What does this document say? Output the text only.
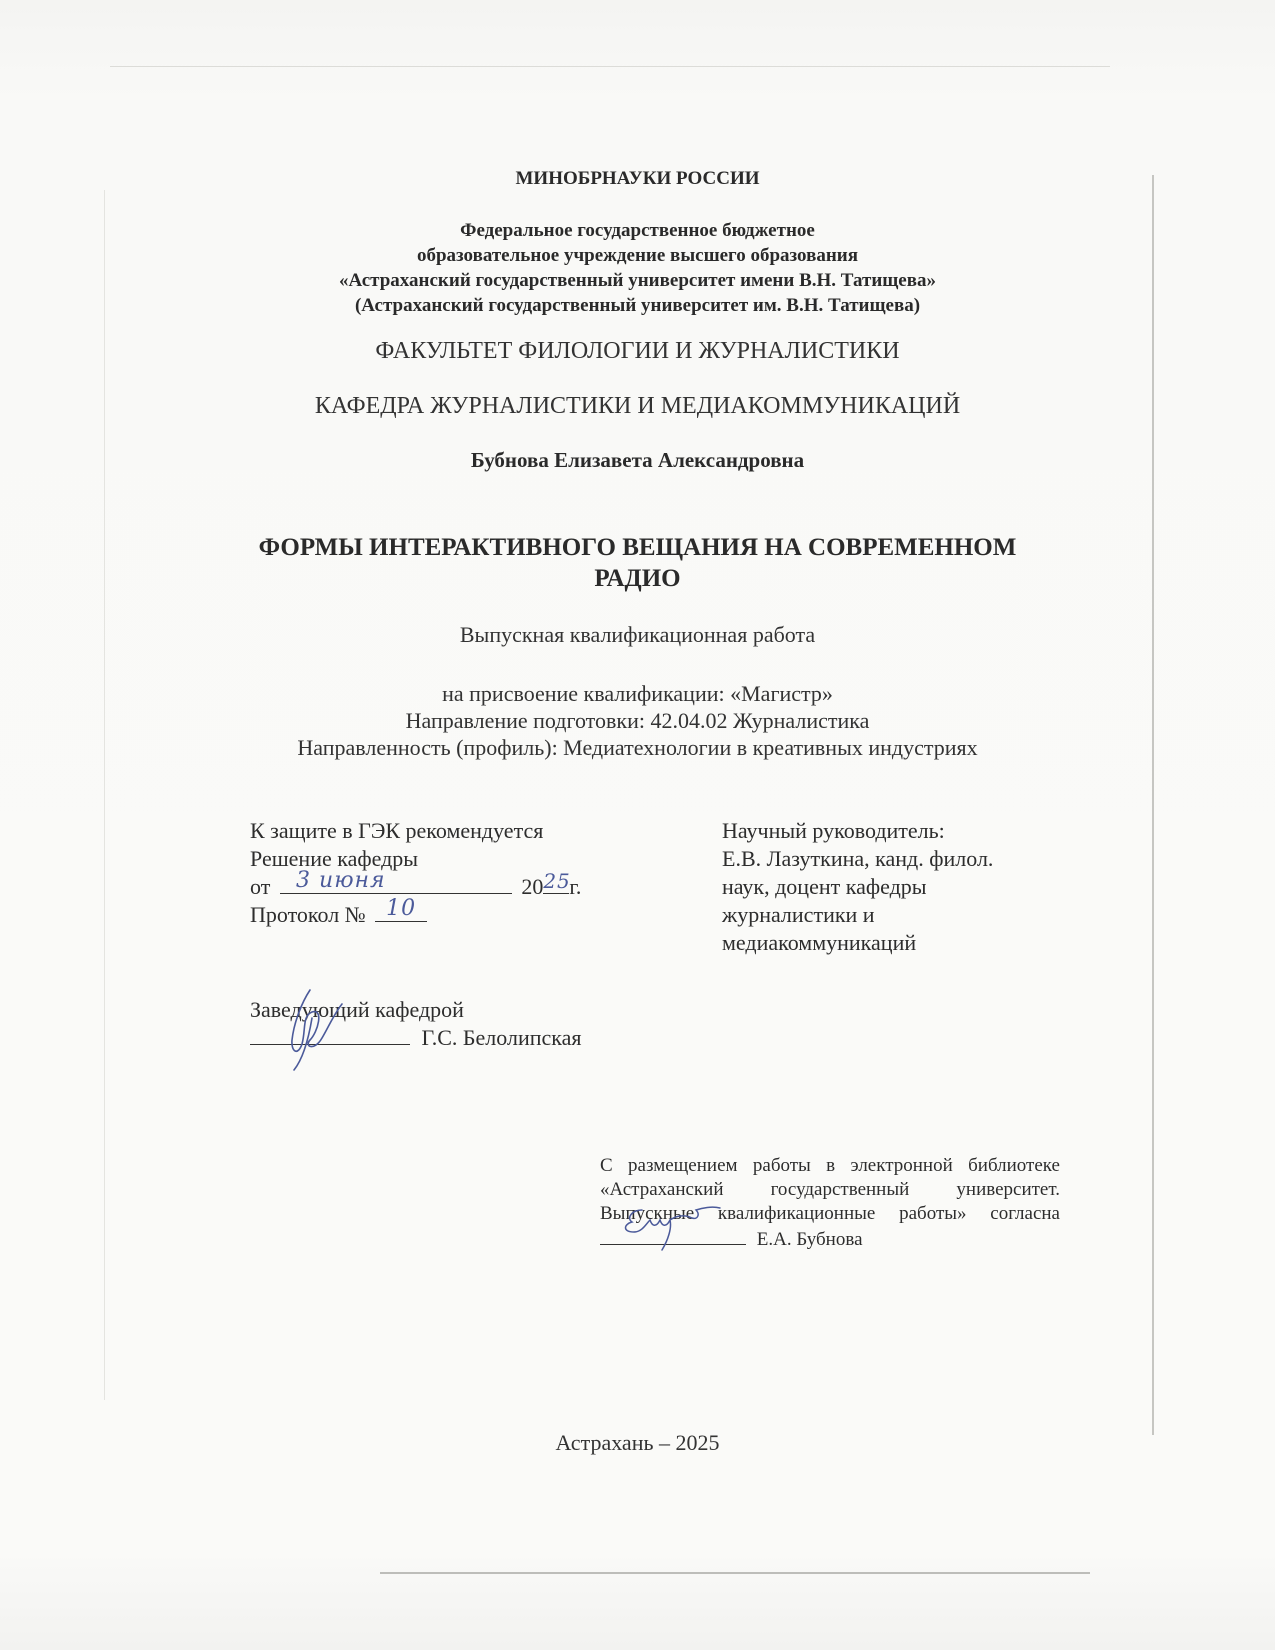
МИНОБРНАУКИ РОССИИ
Федеральное государственное бюджетное
образовательное учреждение высшего образования
«Астраханский государственный университет имени В.Н. Татищева»
(Астраханский государственный университет им. В.Н. Татищева)
ФАКУЛЬТЕТ ФИЛОЛОГИИ И ЖУРНАЛИСТИКИ
КАФЕДРА ЖУРНАЛИСТИКИ И МЕДИАКОММУНИКАЦИЙ
Бубнова Елизавета Александровна
ФОРМЫ ИНТЕРАКТИВНОГО ВЕЩАНИЯ НА СОВРЕМЕННОМ
РАДИО
Выпускная квалификационная работа
на присвоение квалификации: «Магистр»
Направление подготовки: 42.04.02 Журналистика
Направленность (профиль): Медиатехнологии в креативных индустриях
К защите в ГЭК рекомендуется
Решение кафедры
от	3 июня	20 25
г.
Протокол № 10
Научный руководитель:
Е.В. Лазуткина, канд. филол.
наук, доцент кафедры
журналистики и
медиакоммуникаций
Заведующий кафедрой
Г.С. Белолипская
С размещением работы в электронной библиотеке
«Астраханский государственный университет.
Выпускные квалификационные работы» согласна
Е.А. Бубнова
Астрахань – 2025
